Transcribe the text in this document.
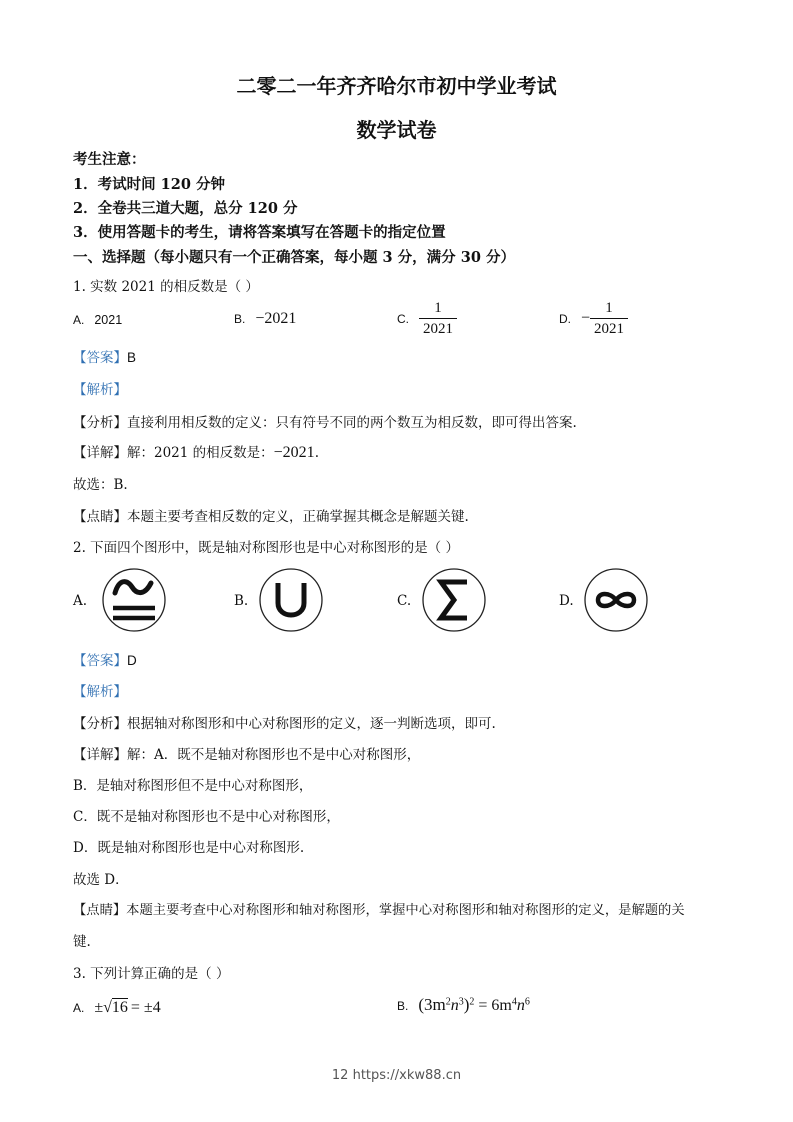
二零二一年齐齐哈尔市初中学业考试
数学试卷
考生注意：
1．考试时间 120 分钟
2．全卷共三道大题，总分 120 分
3．使用答题卡的考生，请将答案填写在答题卡的指定位置
一、选择题（每小题只有一个正确答案，每小题 3 分，满分 30 分）
1. 实数 2021 的相反数是（ ）
A. 2021	B. −2021	C. $\frac{1}{2021}$	D. − $\frac{1}{2021}$
【答案】B
【解析】
【分析】直接利用相反数的定义：只有符号不同的两个数互为相反数，即可得出答案.
【详解】解：2021 的相反数是：−2021.
故选：B.
【点睛】本题主要考查相反数的定义，正确掌握其概念是解题关键.
2. 下面四个图形中，既是轴对称图形也是中心对称图形的是（ ）
A.	B.	C.	D.
【答案】D
【解析】
【分析】根据轴对称图形和中心对称图形的定义，逐一判断选项，即可.
【详解】解：A．既不是轴对称图形也不是中心对称图形，
B．是轴对称图形但不是中心对称图形，
C．既不是轴对称图形也不是中心对称图形，
D．既是轴对称图形也是中心对称图形.
故选 D．
【点睛】本题主要考查中心对称图形和轴对称图形，掌握中心对称图形和轴对称图形的定义，是解题的关
键.
3. 下列计算正确的是（ ）
A. ±√16 = ±4	B. $(3m^2n^3)^2 = 6m^4n^6$
12 https://xkw88.cn
